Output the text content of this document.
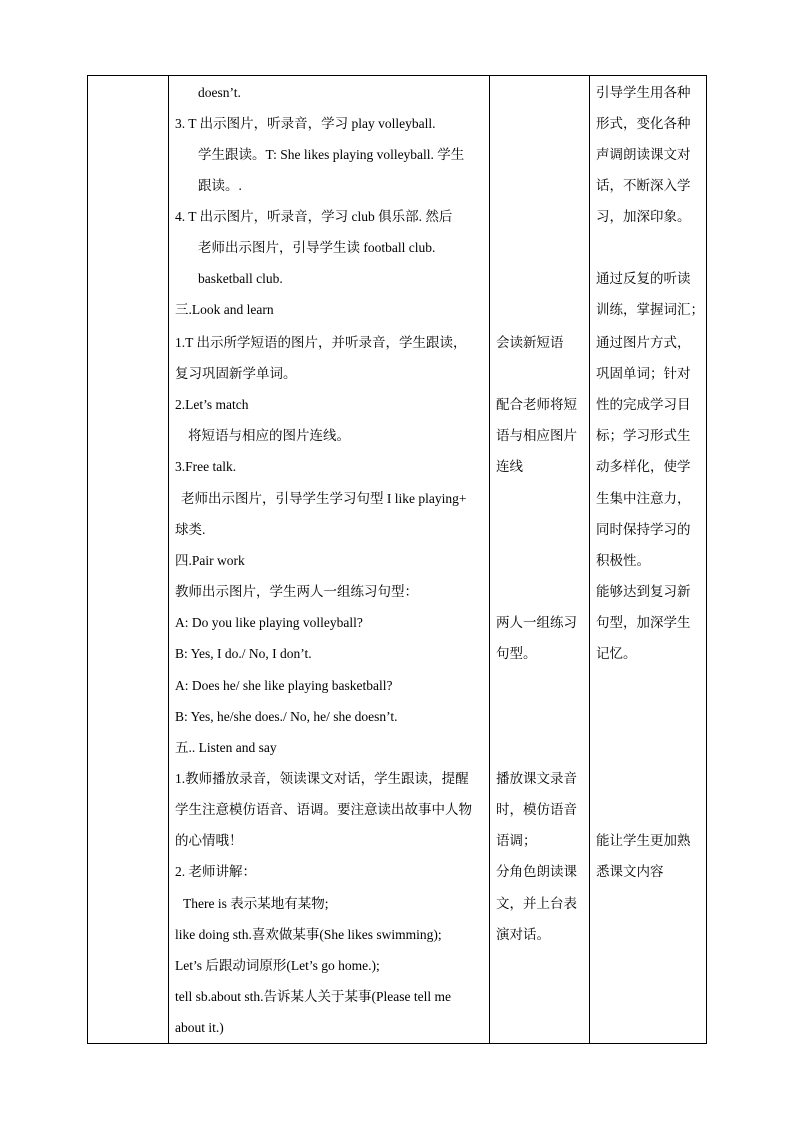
doesn’t.
3. T 出示图片，听录音，学习 play volleyball.
学生跟读。T: She likes playing volleyball. 学生
跟读。.
4. T 出示图片，听录音，学习 club 俱乐部. 然后
老师出示图片，引导学生读 football club.
basketball club.
三.Look and learn
1.T 出示所学短语的图片，并听录音，学生跟读，
复习巩固新学单词。
2.Let’s match
将短语与相应的图片连线。
3.Free talk.
老师出示图片，引导学生学习句型 I like playing+
球类.
四.Pair work
教师出示图片，学生两人一组练习句型：
A: Do you like playing volleyball?
B: Yes, I do./ No, I don’t.
A: Does he/ she like playing basketball?
B: Yes, he/she does./ No, he/ she doesn’t.
五.. Listen and say
1.教师播放录音，领读课文对话，学生跟读，提醒
学生注意模仿语音、语调。要注意读出故事中人物
的心情哦！
2. 老师讲解：
There is 表示某地有某物;
like doing sth.喜欢做某事(She likes swimming);
Let’s 后跟动词原形(Let’s go home.);
tell sb.about sth.告诉某人关于某事(Please tell me
about it.)
会读新短语
配合老师将短
语与相应图片
连线
两人一组练习
句型。
播放课文录音
时，模仿语音
语调；
分角色朗读课
文，并上台表
演对话。
引导学生用各种
形式，变化各种
声调朗读课文对
话，不断深入学
习，加深印象。
通过反复的听读
训练，掌握词汇；
通过图片方式，
巩固单词；针对
性的完成学习目
标；学习形式生
动多样化，使学
生集中注意力，
同时保持学习的
积极性。
能够达到复习新
句型，加深学生
记忆。
能让学生更加熟
悉课文内容
